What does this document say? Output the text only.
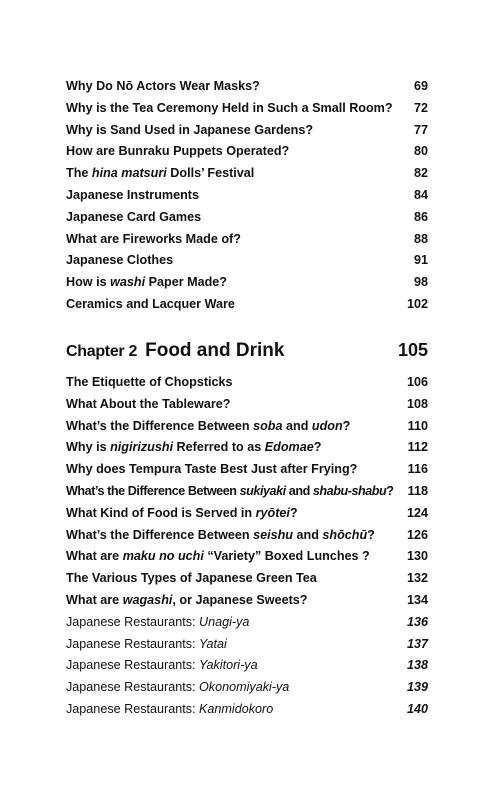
Why Do Nō Actors Wear Masks?	69
Why is the Tea Ceremony Held in Such a Small Room?	72
Why is Sand Used in Japanese Gardens?	77
How are Bunraku Puppets Operated?	80
The hina matsuri Dolls’ Festival	82
Japanese Instruments	84
Japanese Card Games	86
What are Fireworks Made of?	88
Japanese Clothes	91
How is washi Paper Made?	98
Ceramics and Lacquer Ware	102
Chapter 2 Food and Drink	105
The Etiquette of Chopsticks	106
What About the Tableware?	108
What’s the Difference Between soba and udon?	110
Why is nigirizushi Referred to as Edomae?	112
Why does Tempura Taste Best Just after Frying?	116
What’s the Difference Between sukiyaki and shabu-shabu?	118
What Kind of Food is Served in ryōtei?	124
What’s the Difference Between seishu and shōchū?	126
What are maku no uchi “Variety” Boxed Lunches ?	130
The Various Types of Japanese Green Tea	132
What are wagashi, or Japanese Sweets?	134
Japanese Restaurants: Unagi-ya	136
Japanese Restaurants: Yatai	137
Japanese Restaurants: Yakitori-ya	138
Japanese Restaurants: Okonomiyaki-ya	139
Japanese Restaurants: Kanmidokoro	140
